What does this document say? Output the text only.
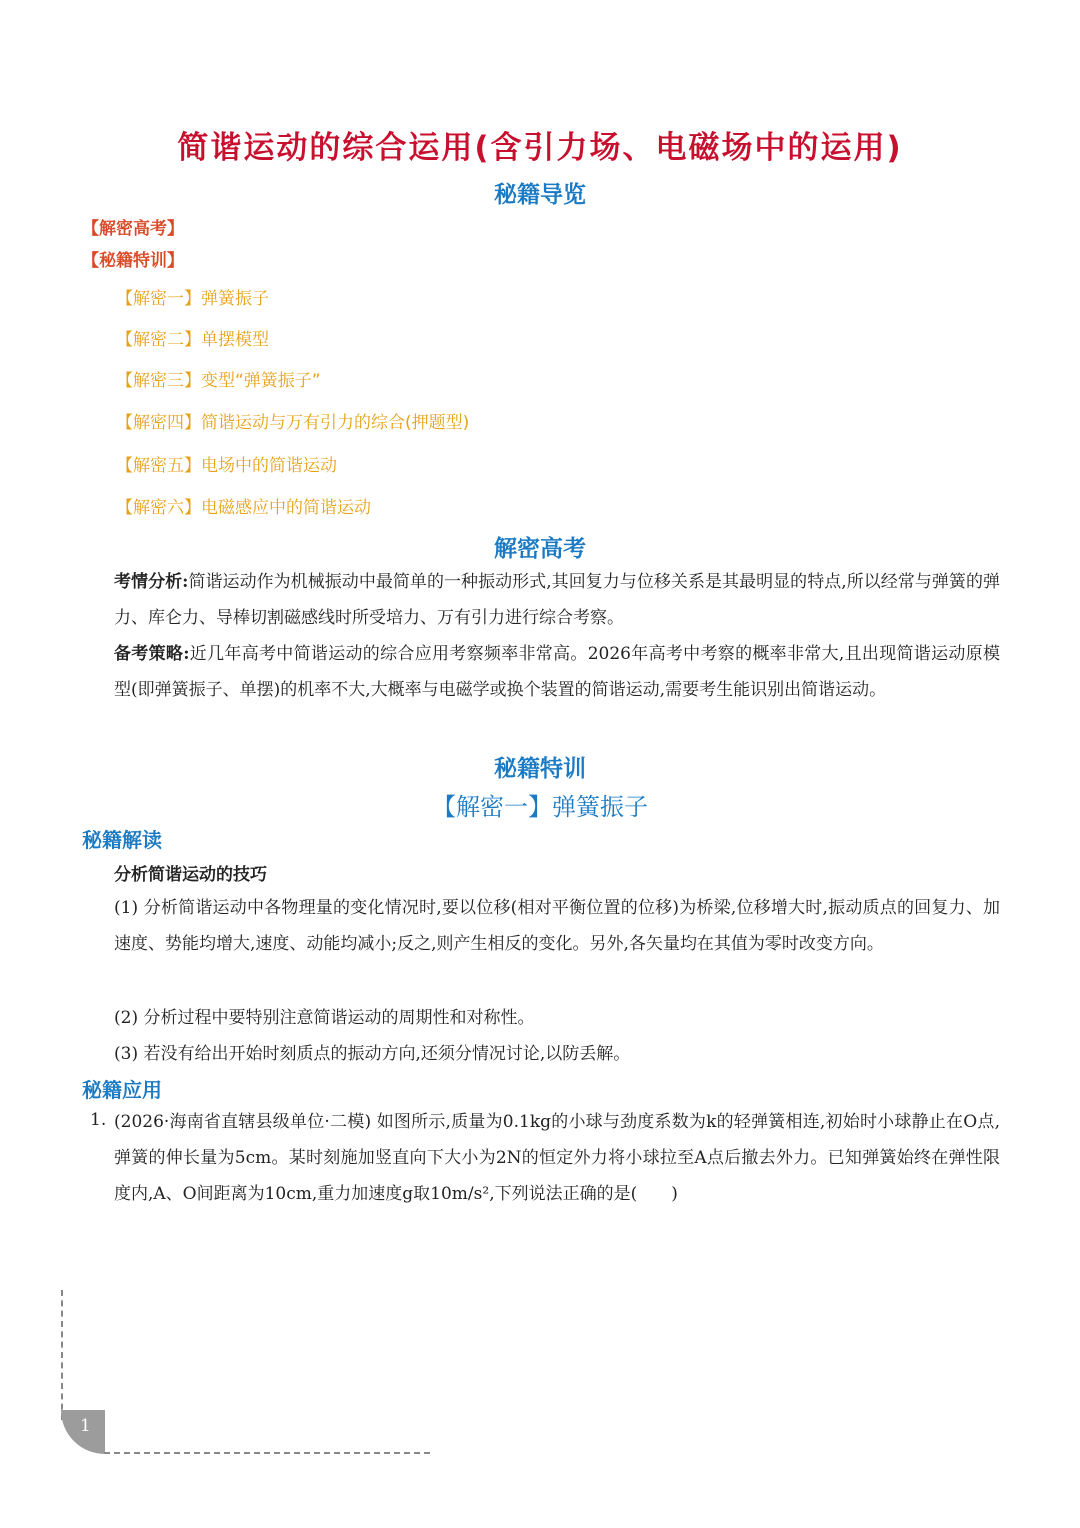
简谐运动的综合运用(含引力场、电磁场中的运用)
秘籍导览
【解密高考】
【秘籍特训】
【解密一】弹簧振子
【解密二】单摆模型
【解密三】变型“弹簧振子”
【解密四】简谐运动与万有引力的综合(押题型)
【解密五】电场中的简谐运动
【解密六】电磁感应中的简谐运动
解密高考
考情分析:简谐运动作为机械振动中最简单的一种振动形式,其回复力与位移关系是其最明显的特点,所以经常与弹簧的弹力、库仑力、导棒切割磁感线时所受培力、万有引力进行综合考察。
备考策略:近几年高考中简谐运动的综合应用考察频率非常高。2026年高考中考察的概率非常大,且出现简谐运动原模型(即弹簧振子、单摆)的机率不大,大概率与电磁学或换个装置的简谐运动,需要考生能识别出简谐运动。
秘籍特训
【解密一】弹簧振子
秘籍解读
分析简谐运动的技巧
(1) 分析简谐运动中各物理量的变化情况时,要以位移(相对平衡位置的位移)为桥梁,位移增大时,振动质点的回复力、加速度、势能均增大,速度、动能均减小;反之,则产生相反的变化。另外,各矢量均在其值为零时改变方向。
(2) 分析过程中要特别注意简谐运动的周期性和对称性。
(3) 若没有给出开始时刻质点的振动方向,还须分情况讨论,以防丢解。
秘籍应用
1. (2026·海南省直辖县级单位·二模) 如图所示,质量为0.1kg的小球与劲度系数为k的轻弹簧相连,初始时小球静止在O点,弹簧的伸长量为5cm。某时刻施加竖直向下大小为2N的恒定外力将小球拉至A点后撤去外力。已知弹簧始终在弹性限度内,A、O间距离为10cm,重力加速度g取10m/s²,下列说法正确的是(　　)
1
